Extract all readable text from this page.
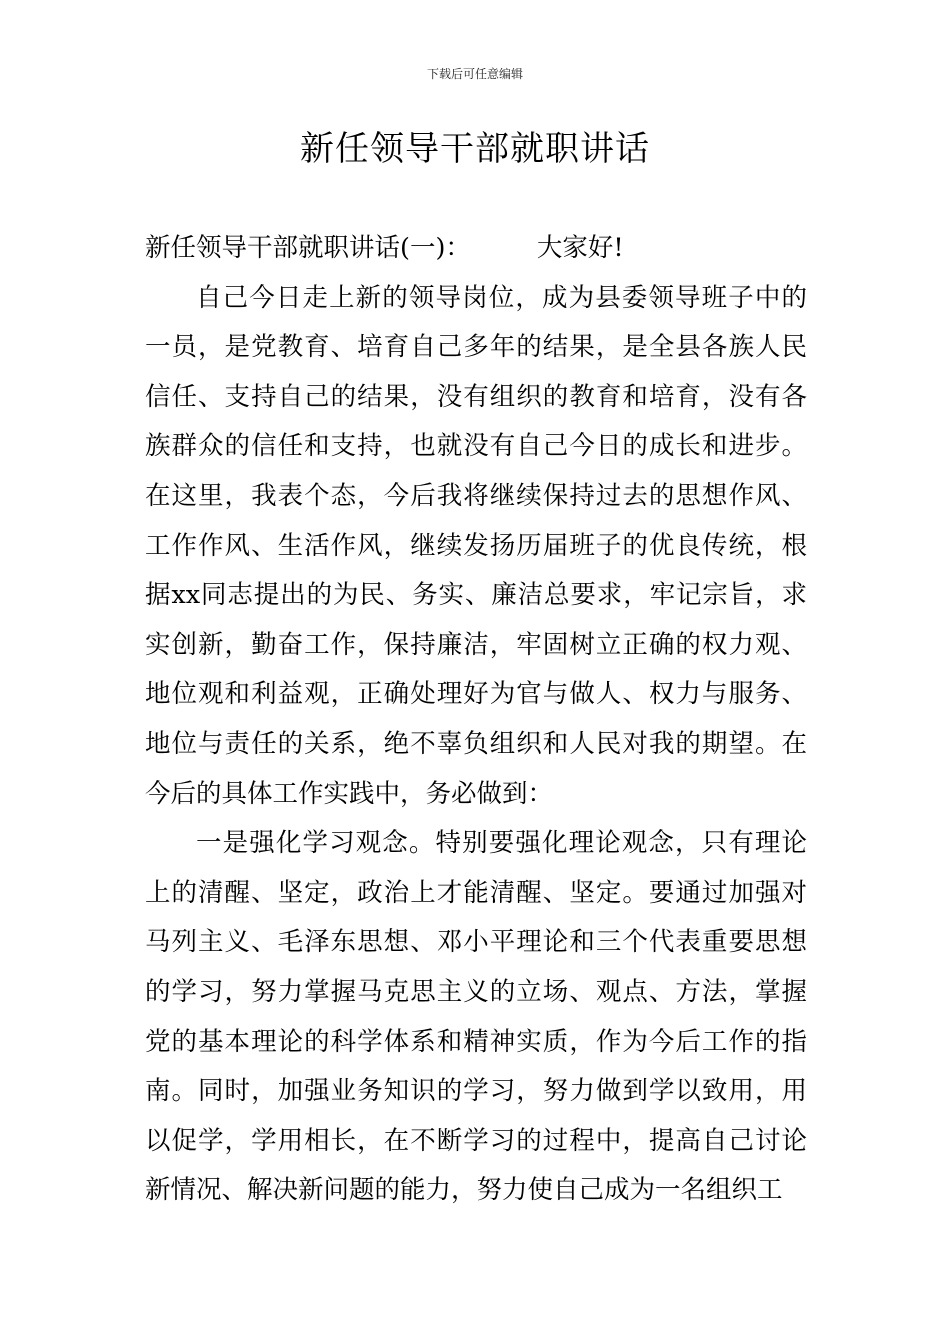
下载后可任意编辑
新任领导干部就职讲话

新任领导干部就职讲话(一)：	大家好!

自己今日走上新的领导岗位，成为县委领导班子中的一员，是党教育、培育自己多年的结果，是全县各族人民信任、支持自己的结果，没有组织的教育和培育，没有各族群众的信任和支持，也就没有自己今日的成长和进步。在这里，我表个态，今后我将继续保持过去的思想作风、工作作风、生活作风，继续发扬历届班子的优良传统，根据xx同志提出的为民、务实、廉洁总要求，牢记宗旨，求实创新，勤奋工作，保持廉洁，牢固树立正确的权力观、地位观和利益观，正确处理好为官与做人、权力与服务、地位与责任的关系，绝不辜负组织和人民对我的期望。在今后的具体工作实践中，务必做到：

一是强化学习观念。特别要强化理论观念，只有理论上的清醒、坚定，政治上才能清醒、坚定。要通过加强对马列主义、毛泽东思想、邓小平理论和三个代表重要思想的学习，努力掌握马克思主义的立场、观点、方法，掌握党的基本理论的科学体系和精神实质，作为今后工作的指南。同时，加强业务知识的学习，努力做到学以致用，用以促学，学用相长，在不断学习的过程中，提高自己讨论新情况、解决新问题的能力，努力使自己成为一名组织工
